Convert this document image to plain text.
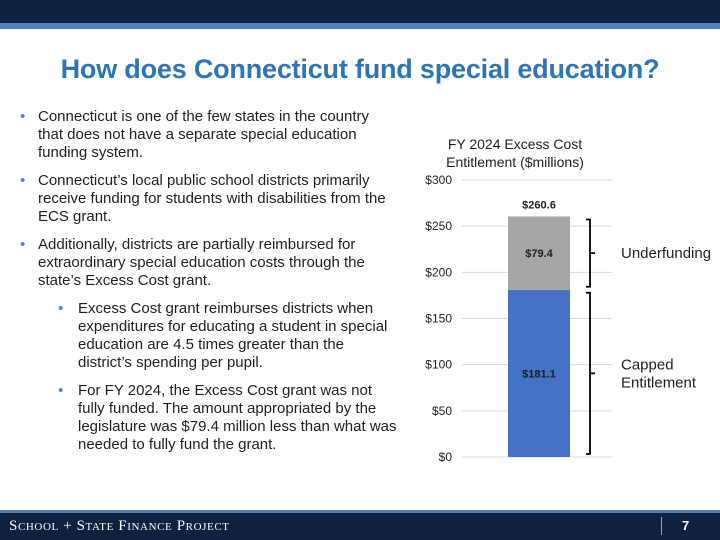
How does Connecticut fund special education?
• Connecticut is one of the few states in the country that does not have a separate special education funding system.
• Connecticut’s local public school districts primarily receive funding for students with disabilities from the ECS grant.
• Additionally, districts are partially reimbursed for extraordinary special education costs through the state’s Excess Cost grant.
• Excess Cost grant reimburses districts when expenditures for educating a student in special education are 4.5 times greater than the district’s spending per pupil.
• For FY 2024, the Excess Cost grant was not fully funded. The amount appropriated by the legislature was $79.4 million less than what was needed to fully fund the grant.
FY 2024 Excess Cost
Entitlement ($millions)
$0
$50
$100
$150
$200
$250
$300
$181.1
$79.4
$260.6
Underfunding
Capped
Entitlement
School + State Finance Project	7
